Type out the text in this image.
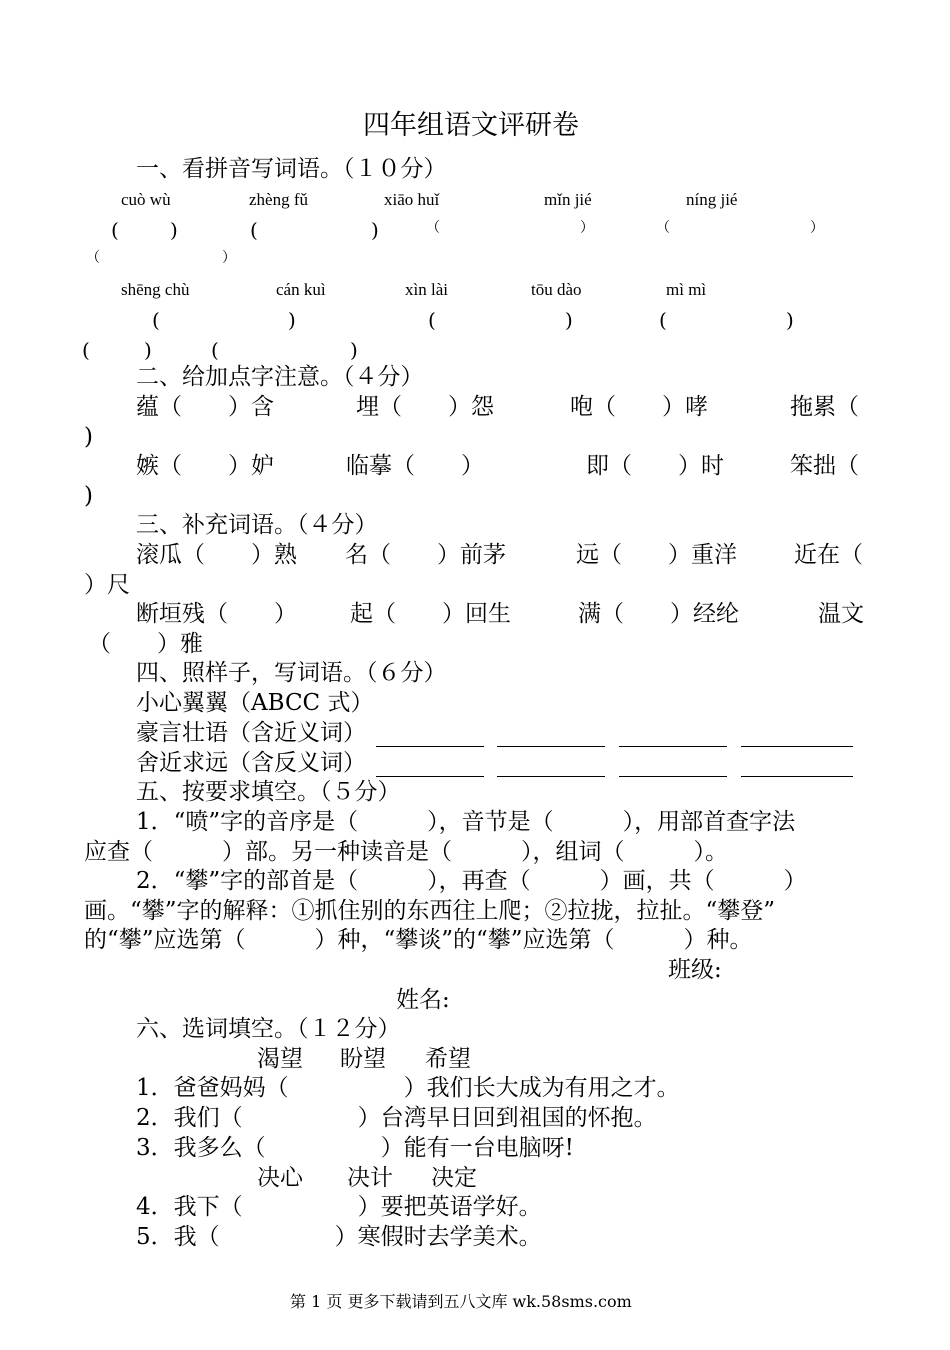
四年组语文评研卷
一、看拼音写词语。（１０分）
cuò wù	zhèng fǔ	xiāo huǐ	mǐn jié	níng jié
(	)	(	)	（	）	（	）
（	）
shēng chù	cán kuì	xìn lài	tōu dào	mì mì
(	)	(	)	(	)
(	)	(	)
二、给加点字注意。（４分）
蕴（　　）含	埋（　　）怨	咆（　　）哮	拖累（
)
嫉（　　）妒	临摹（　　）	即（　　）时	笨拙（
)
三、补充词语。（４分）
滚瓜（　　）熟 名（　　）前茅	远（　　）重洋 近在（
）尺
断垣残（　　） 起（　　）回生	满（　　）经纶	温文
（　　）雅
四、照样子，写词语。（６分）
小心翼翼（ABCC 式）
豪言壮语（含近义词）
舍近求远（含反义词）
五、按要求填空。（５分）
1．“喷”字的音序是（　　　），音节是（　　　），用部首查字法
应查（　　　）部。另一种读音是（　　　），组词（　　　）。
2．“攀”字的部首是（　　　），再查（　　　）画，共（　　　）
画。“攀”字的解释：①抓住别的东西往上爬；②拉拢，拉扯。“攀登”
的“攀”应选第（　　　）种，“攀谈”的“攀”应选第（　　　）种。
班级:
姓名:
六、选词填空。（１２分）
渴望 盼望 希望
1．爸爸妈妈（　　　　　）我们长大成为有用之才。
2．我们（　　　　　）台湾早日回到祖国的怀抱。
3．我多么（　　　　　）能有一台电脑呀!
决心 决计 决定
4．我下（　　　　　）要把英语学好。
5．我（　　　　　）寒假时去学美术。
第 1 页 更多下载请到五八文库 wk.58sms.com
